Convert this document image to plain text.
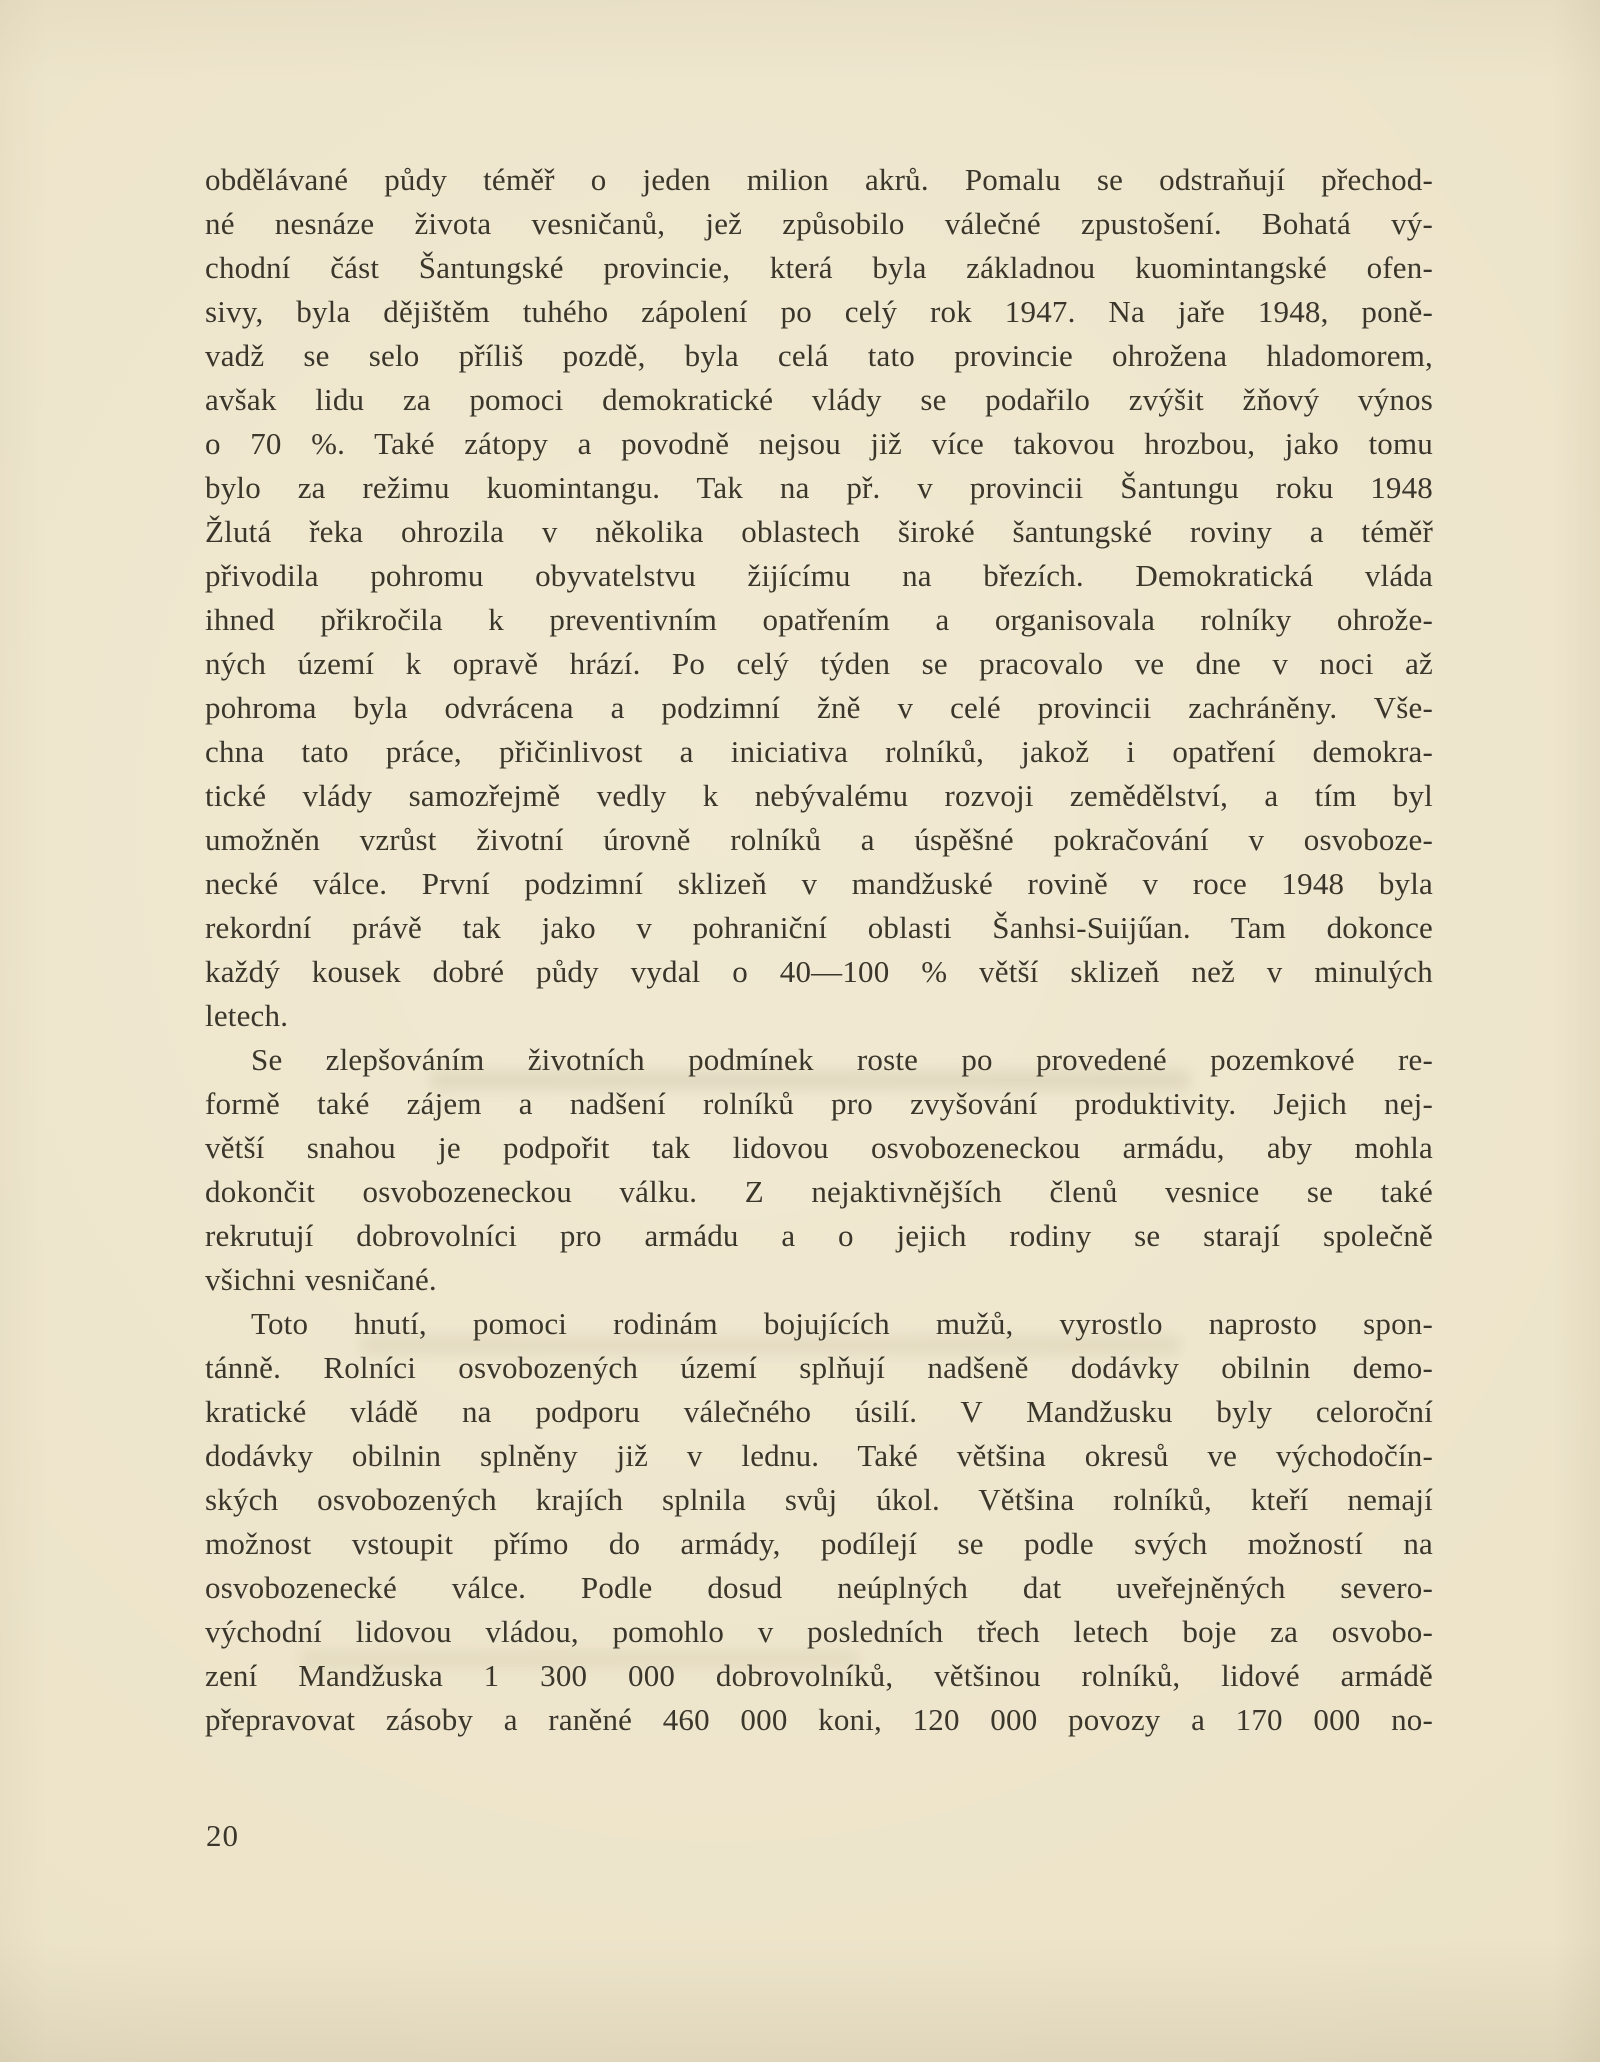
obdělávané půdy téměř o jeden milion akrů. Pomalu se odstraňují přechod-
né nesnáze života vesničanů, jež způsobilo válečné zpustošení. Bohatá vý-
chodní část Šantungské provincie, která byla základnou kuomintangské ofen-
sivy, byla dějištěm tuhého zápolení po celý rok 1947. Na jaře 1948, poně-
vadž se selo příliš pozdě, byla celá tato provincie ohrožena hladomorem,
avšak lidu za pomoci demokratické vlády se podařilo zvýšit žňový výnos
o 70 %. Také zátopy a povodně nejsou již více takovou hrozbou, jako tomu
bylo za režimu kuomintangu. Tak na př. v provincii Šantungu roku 1948
Žlutá řeka ohrozila v několika oblastech široké šantungské roviny a téměř
přivodila pohromu obyvatelstvu žijícímu na březích. Demokratická vláda
ihned přikročila k preventivním opatřením a organisovala rolníky ohrože-
ných území k opravě hrází. Po celý týden se pracovalo ve dne v noci až
pohroma byla odvrácena a podzimní žně v celé provincii zachráněny. Vše-
chna tato práce, přičinlivost a iniciativa rolníků, jakož i opatření demokra-
tické vlády samozřejmě vedly k nebývalému rozvoji zemědělství, a tím byl
umožněn vzrůst životní úrovně rolníků a úspěšné pokračování v osvoboze-
necké válce. První podzimní sklizeň v mandžuské rovině v roce 1948 byla
rekordní právě tak jako v pohraniční oblasti Šanhsi-Suijűan. Tam dokonce
každý kousek dobré půdy vydal o 40—100 % větší sklizeň než v minulých
letech.
Se zlepšováním životních podmínek roste po provedené pozemkové re-
formě také zájem a nadšení rolníků pro zvyšování produktivity. Jejich nej-
větší snahou je podpořit tak lidovou osvobozeneckou armádu, aby mohla
dokončit osvobozeneckou válku. Z nejaktivnějších členů vesnice se také
rekrutují dobrovolníci pro armádu a o jejich rodiny se starají společně
všichni vesničané.
Toto hnutí, pomoci rodinám bojujících mužů, vyrostlo naprosto spon-
tánně. Rolníci osvobozených území splňují nadšeně dodávky obilnin demo-
kratické vládě na podporu válečného úsilí. V Mandžusku byly celoroční
dodávky obilnin splněny již v lednu. Také většina okresů ve východočín-
ských osvobozených krajích splnila svůj úkol. Většina rolníků, kteří nemají
možnost vstoupit přímo do armády, podílejí se podle svých možností na
osvobozenecké válce. Podle dosud neúplných dat uveřejněných severo-
východní lidovou vládou, pomohlo v posledních třech letech boje za osvobo-
zení Mandžuska 1 300 000 dobrovolníků, většinou rolníků, lidové armádě
přepravovat zásoby a raněné 460 000 koni, 120 000 povozy a 170 000 no-
20
